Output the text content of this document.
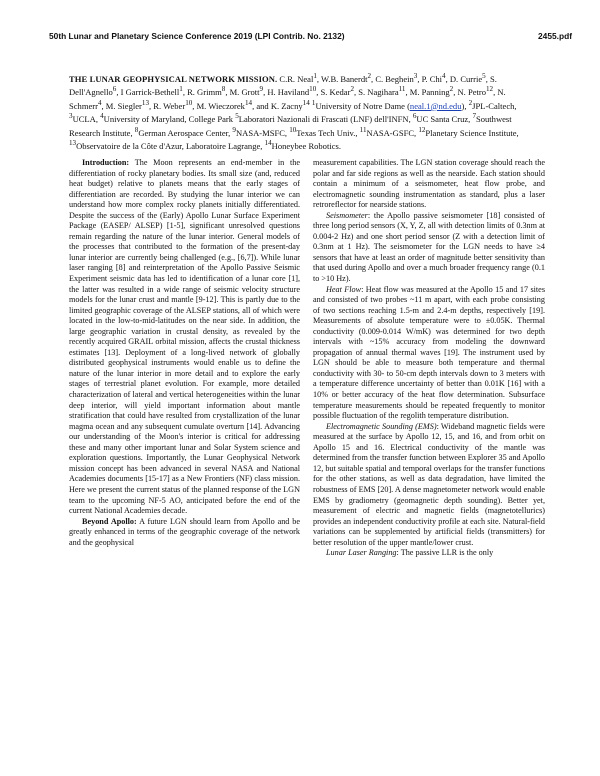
50th Lunar and Planetary Science Conference 2019 (LPI Contrib. No. 2132)	2455.pdf
THE LUNAR GEOPHYSICAL NETWORK MISSION. C.R. Neal$^1$, W.B. Banerdt$^2$, C. Beghein$^3$, P. Chi$^4$, D. Currie$^5$, S. Dell'Agnello$^6$, I Garrick-Bethell$^1$, R. Grimm$^8$, M. Grott$^9$, H. Haviland$^{10}$, S. Kedar$^2$, S. Nagihara$^{11}$, M. Panning$^2$, N. Petro$^{12}$, N. Schmerr$^4$, M. Siegler$^{13}$, R. Weber$^{10}$, M. Wieczorek$^{14}$, and K. Zacny$^{14}$ $^1$University of Notre Dame (neal.1@nd.edu), $^2$JPL-Caltech, $^3$UCLA, $^4$University of Maryland, College Park $^5$Laboratori Nazionali di Frascati (LNF) dell'INFN, $^6$UC Santa Cruz, $^7$Southwest Research Institute, $^8$German Aerospace Center, $^9$NASA-MSFC, $^{10}$Texas Tech Univ., $^{11}$NASA-GSFC, $^{12}$Planetary Science Institute, $^{13}$Observatoire de la Côte d'Azur, Laboratoire Lagrange, $^{14}$Honeybee Robotics.

Introduction: The Moon represents an end-member in the differentiation of rocky planetary bodies. Its small size (and, reduced heat budget) relative to planets means that the early stages of differentiation are recorded. By studying the lunar interior we can understand how more complex rocky planets initially differentiated. Despite the success of the (Early) Apollo Lunar Surface Experiment Package (EASEP/ ALSEP) [1-5], significant unresolved questions remain regarding the nature of the lunar interior. General models of the processes that contributed to the formation of the present-day lunar interior are currently being challenged (e.g., [6,7]). While lunar laser ranging [8] and reinterpretation of the Apollo Passive Seismic Experiment seismic data has led to identification of a lunar core [1], the latter was resulted in a wide range of seismic velocity structure models for the lunar crust and mantle [9-12]. This is partly due to the limited geographic coverage of the ALSEP stations, all of which were located in the low-to-mid-latitudes on the near side. In addition, the large geographic variation in crustal density, as revealed by the recently acquired GRAIL orbital mission, affects the crustal thickness estimates [13]. Deployment of a long-lived network of globally distributed geophysical instruments would enable us to define the nature of the lunar interior in more detail and to explore the early stages of terrestrial planet evolution. For example, more detailed characterization of lateral and vertical heterogeneities within the lunar deep interior, will yield important information about mantle stratification that could have resulted from crystallization of the lunar magma ocean and any subsequent cumulate overturn [14]. Advancing our understanding of the Moon's interior is critical for addressing these and many other important lunar and Solar System science and exploration questions. Importantly, the Lunar Geophysical Network mission concept has been advanced in several NASA and National Academies documents [15-17] as a New Frontiers (NF) class mission. Here we present the current status of the planned response of the LGN team to the upcoming NF-5 AO, anticipated before the end of the current National Academies decade.

Beyond Apollo: A future LGN should learn from Apollo and be greatly enhanced in terms of the geographic coverage of the network and the geophysical

measurement capabilities. The LGN station coverage should reach the polar and far side regions as well as the nearside. Each station should contain a minimum of a seismometer, heat flow probe, and electromagnetic sounding instrumentation as standard, plus a laser retroreflector for nearside stations.

Seismometer: the Apollo passive seismometer [18] consisted of three long period sensors (X, Y, Z, all with detection limits of 0.3nm at 0.004-2 Hz) and one short period sensor (Z with a detection limit of 0.3nm at 1 Hz). The seismometer for the LGN needs to have ≥4 sensors that have at least an order of magnitude better sensitivity than that used during Apollo and over a much broader frequency range (0.1 to >10 Hz).

Heat Flow: Heat flow was measured at the Apollo 15 and 17 sites and consisted of two probes ~11 m apart, with each probe consisting of two sections reaching 1.5-m and 2.4-m depths, respectively [19]. Measurements of absolute temperature were to ±0.05K. Thermal conductivity (0.009-0.014 W/mK) was determined for two depth intervals with ~15% accuracy from modeling the downward propagation of annual thermal waves [19]. The instrument used by LGN should be able to measure both temperature and thermal conductivity with 30- to 50-cm depth intervals down to 3 meters with a temperature difference uncertainty of better than 0.01K [16] with a 10% or better accuracy of the heat flow determination. Subsurface temperature measurements should be repeated frequently to monitor possible fluctuation of the regolith temperature distribution.

Electromagnetic Sounding (EMS): Wideband magnetic fields were measured at the surface by Apollo 12, 15, and 16, and from orbit on Apollo 15 and 16. Electrical conductivity of the mantle was determined from the transfer function between Explorer 35 and Apollo 12, but suitable spatial and temporal overlaps for the transfer functions for the other stations, as well as data degradation, have limited the robustness of EMS [20]. A dense magnetometer network would enable EMS by gradiometry (geomagnetic depth sounding). Better yet, measurement of electric and magnetic fields (magnetotellurics) provides an independent conductivity profile at each site. Natural-field variations can be supplemented by artificial fields (transmitters) for better resolution of the upper mantle/lower crust.

Lunar Laser Ranging: The passive LLR is the only
